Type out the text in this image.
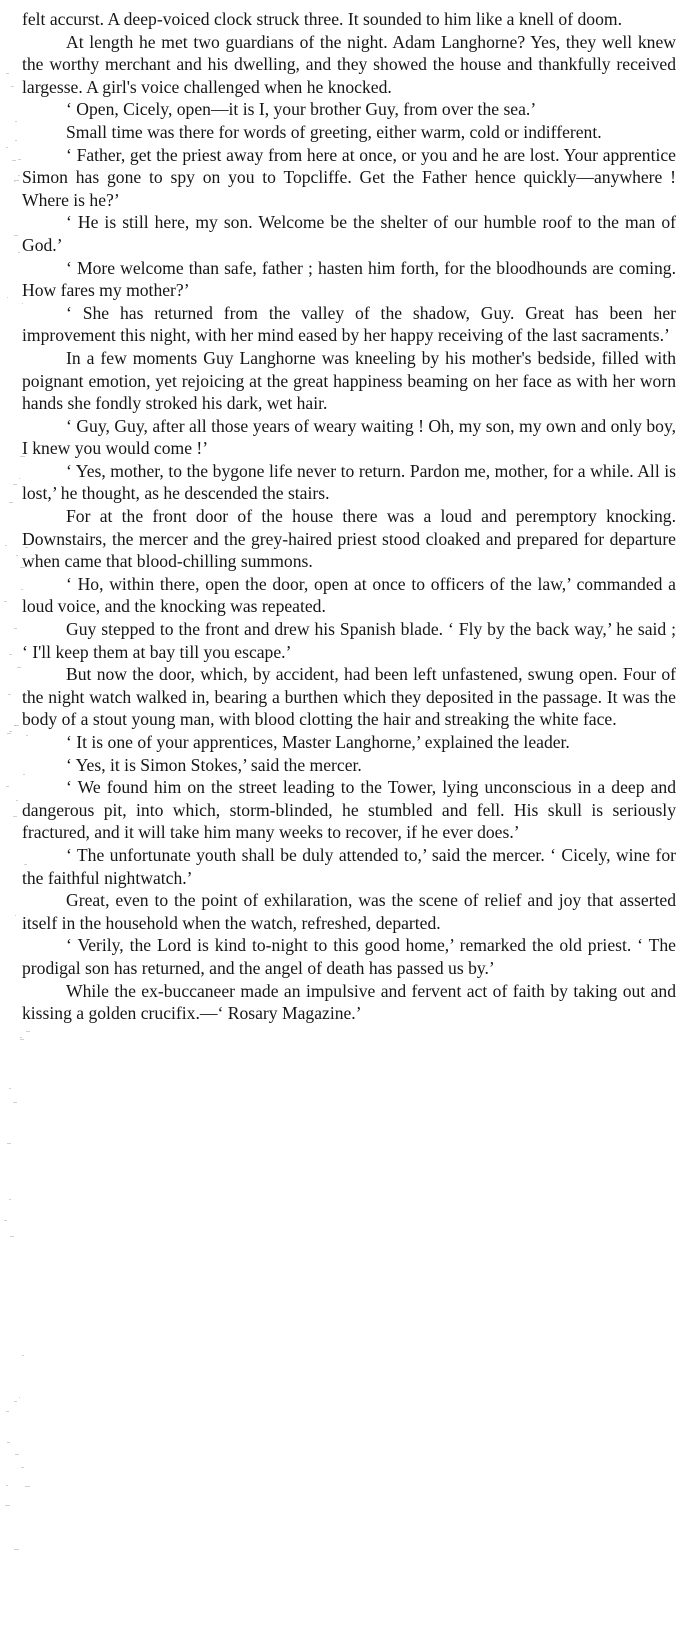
felt accurst. A deep-voiced clock struck three. It sounded to him like a knell of doom.

At length he met two guardians of the night. Adam Langhorne? Yes, they well knew the worthy merchant and his dwelling, and they showed the house and thankfully received largesse. A girl's voice challenged when he knocked.

‘ Open, Cicely, open—it is I, your brother Guy, from over the sea.’

Small time was there for words of greeting, either warm, cold or indifferent.

‘ Father, get the priest away from here at once, or you and he are lost. Your apprentice Simon has gone to spy on you to Topcliffe. Get the Father hence quickly—anywhere ! Where is he?’

‘ He is still here, my son. Welcome be the shelter of our humble roof to the man of God.’

‘ More welcome than safe, father ; hasten him forth, for the bloodhounds are coming. How fares my mother?’

‘ She has returned from the valley of the shadow, Guy. Great has been her improvement this night, with her mind eased by her happy receiving of the last sacraments.’

In a few moments Guy Langhorne was kneeling by his mother's bedside, filled with poignant emotion, yet rejoicing at the great happiness beaming on her face as with her worn hands she fondly stroked his dark, wet hair.

‘ Guy, Guy, after all those years of weary waiting ! Oh, my son, my own and only boy, I knew you would come !’

‘ Yes, mother, to the bygone life never to return. Pardon me, mother, for a while. All is lost,’ he thought, as he descended the stairs.

For at the front door of the house there was a loud and peremptory knocking. Downstairs, the mercer and the grey-haired priest stood cloaked and prepared for departure when came that blood-chilling summons.

‘ Ho, within there, open the door, open at once to officers of the law,’ commanded a loud voice, and the knocking was repeated.

Guy stepped to the front and drew his Spanish blade. ‘ Fly by the back way,’ he said ; ‘ I'll keep them at bay till you escape.’

But now the door, which, by accident, had been left unfastened, swung open. Four of the night watch walked in, bearing a burthen which they deposited in the passage. It was the body of a stout young man, with blood clotting the hair and streaking the white face.

‘ It is one of your apprentices, Master Langhorne,’ explained the leader.

‘ Yes, it is Simon Stokes,’ said the mercer.

‘ We found him on the street leading to the Tower, lying unconscious in a deep and dangerous pit, into which, storm-blinded, he stumbled and fell. His skull is seriously fractured, and it will take him many weeks to recover, if he ever does.’

‘ The unfortunate youth shall be duly attended to,’ said the mercer. ‘ Cicely, wine for the faithful nightwatch.’

Great, even to the point of exhilaration, was the scene of relief and joy that asserted itself in the household when the watch, refreshed, departed.

‘ Verily, the Lord is kind to-night to this good home,’ remarked the old priest. ‘ The prodigal son has returned, and the angel of death has passed us by.’

While the ex-buccaneer made an impulsive and fervent act of faith by taking out and kissing a golden crucifix.—‘ Rosary Magazine.’
